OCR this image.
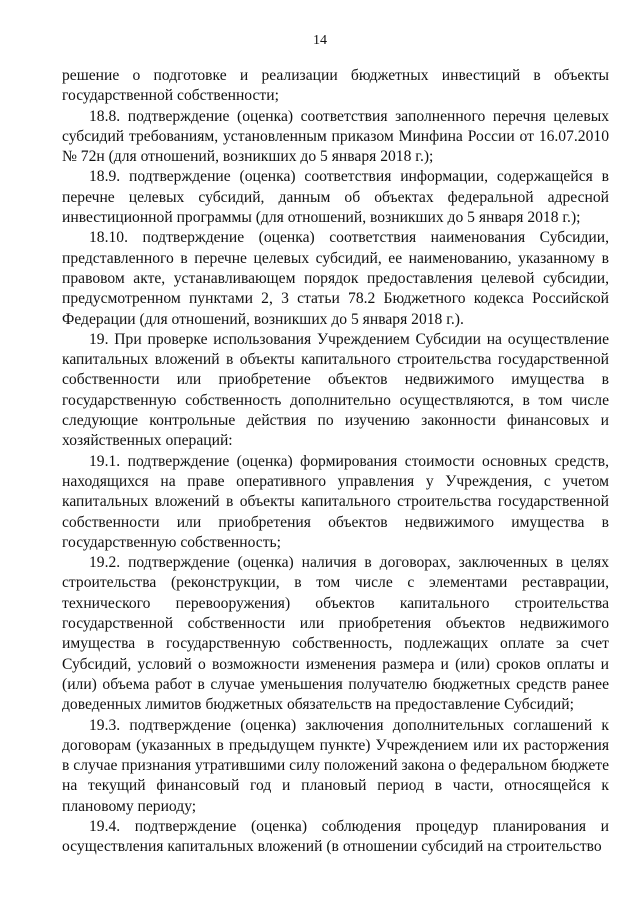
14

решение о подготовке и реализации бюджетных инвестиций в объекты государственной собственности;

18.8. подтверждение (оценка) соответствия заполненного перечня целевых субсидий требованиям, установленным приказом Минфина России от 16.07.2010 № 72н (для отношений, возникших до 5 января 2018 г.);

18.9. подтверждение (оценка) соответствия информации, содержащейся в перечне целевых субсидий, данным об объектах федеральной адресной инвестиционной программы (для отношений, возникших до 5 января 2018 г.);

18.10. подтверждение (оценка) соответствия наименования Субсидии, представленного в перечне целевых субсидий, ее наименованию, указанному в правовом акте, устанавливающем порядок предоставления целевой субсидии, предусмотренном пунктами 2, 3 статьи 78.2 Бюджетного кодекса Российской Федерации (для отношений, возникших до 5 января 2018 г.).

19. При проверке использования Учреждением Субсидии на осуществление капитальных вложений в объекты капитального строительства государственной собственности или приобретение объектов недвижимого имущества в государственную собственность дополнительно осуществляются, в том числе следующие контрольные действия по изучению законности финансовых и хозяйственных операций:

19.1. подтверждение (оценка) формирования стоимости основных средств, находящихся на праве оперативного управления у Учреждения, с учетом капитальных вложений в объекты капитального строительства государственной собственности или приобретения объектов недвижимого имущества в государственную собственность;

19.2. подтверждение (оценка) наличия в договорах, заключенных в целях строительства (реконструкции, в том числе с элементами реставрации, технического перевооружения) объектов капитального строительства государственной собственности или приобретения объектов недвижимого имущества в государственную собственность, подлежащих оплате за счет Субсидий, условий о возможности изменения размера и (или) сроков оплаты и (или) объема работ в случае уменьшения получателю бюджетных средств ранее доведенных лимитов бюджетных обязательств на предоставление Субсидий;

19.3. подтверждение (оценка) заключения дополнительных соглашений к договорам (указанных в предыдущем пункте) Учреждением или их расторжения в случае признания утратившими силу положений закона о федеральном бюджете на текущий финансовый год и плановый период в части, относящейся к плановому периоду;

19.4. подтверждение (оценка) соблюдения процедур планирования и осуществления капитальных вложений (в отношении субсидий на строительство
